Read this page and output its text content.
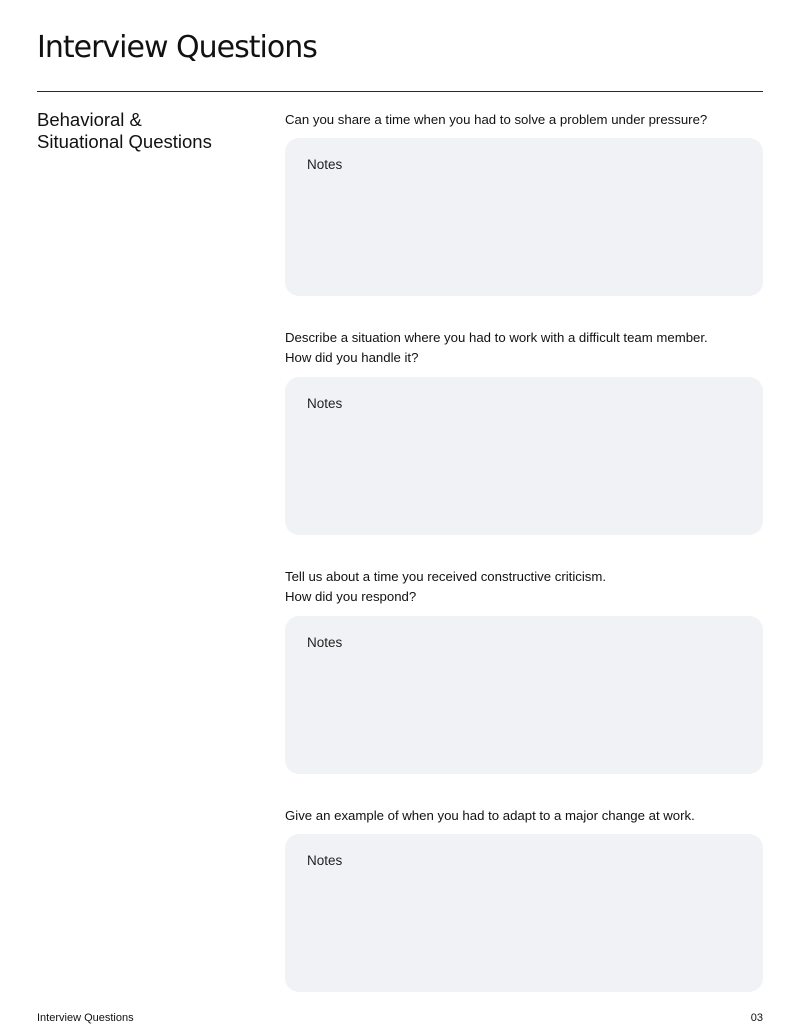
Interview Questions
Behavioral &
Situational Questions

Can you share a time when you had to solve a problem under pressure?

Notes

Describe a situation where you had to work with a difficult team member.
How did you handle it?

Notes

Tell us about a time you received constructive criticism.
How did you respond?

Notes

Give an example of when you had to adapt to a major change at work.

Notes
Interview Questions	03
